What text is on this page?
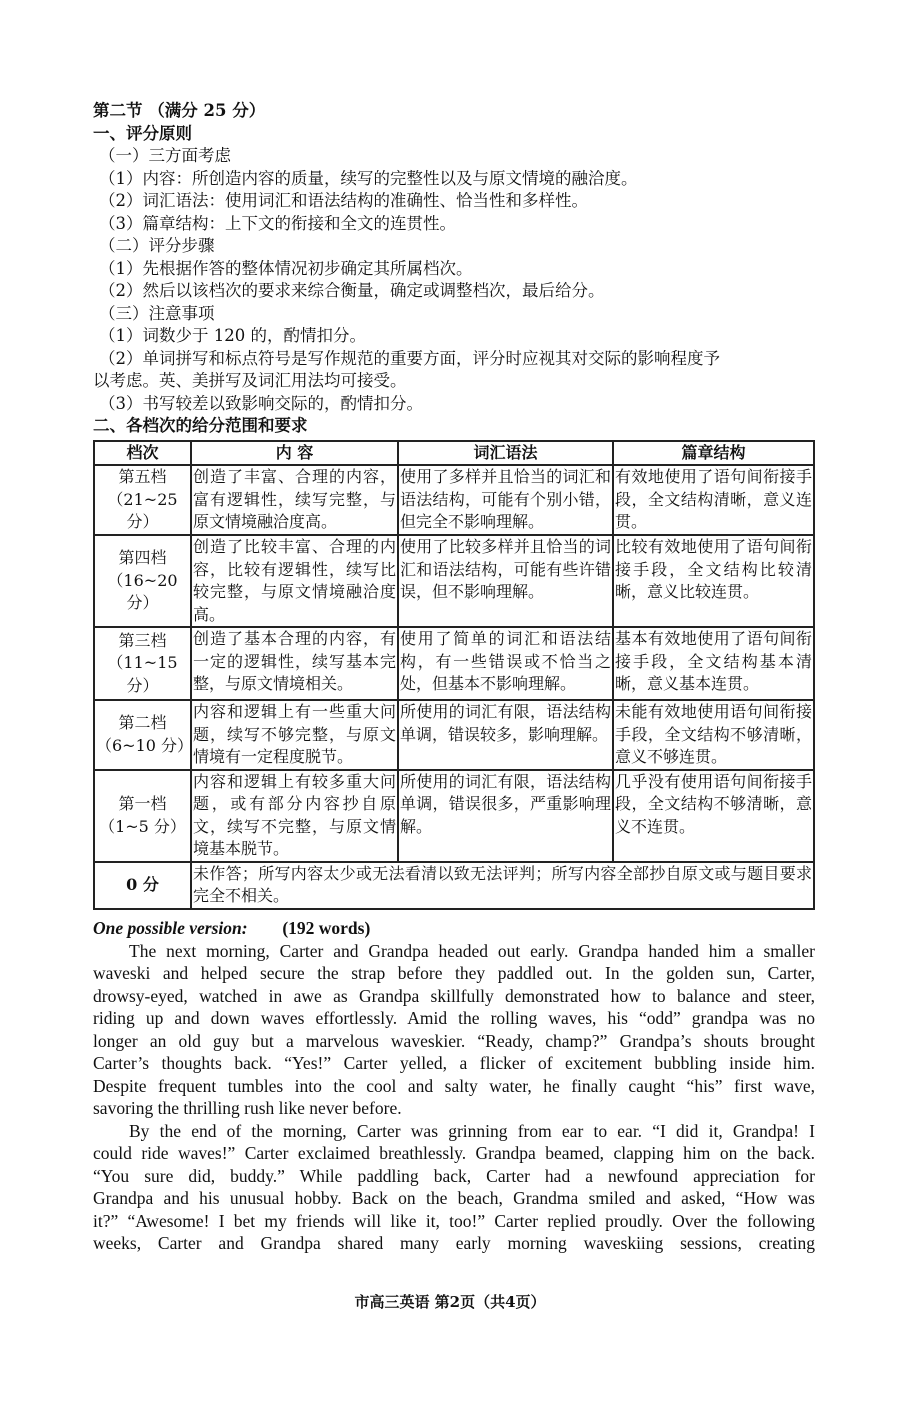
第二节 （满分 25 分）
一、评分原则
（一）三方面考虑
（1）内容：所创造内容的质量，续写的完整性以及与原文情境的融洽度。
（2）词汇语法：使用词汇和语法结构的准确性、恰当性和多样性。
（3）篇章结构：上下文的衔接和全文的连贯性。
（二）评分步骤
（1）先根据作答的整体情况初步确定其所属档次。
（2）然后以该档次的要求来综合衡量，确定或调整档次，最后给分。
（三）注意事项
（1）词数少于 120 的，酌情扣分。
（2）单词拼写和标点符号是写作规范的重要方面，评分时应视其对交际的影响程度予
以考虑。英、美拼写及词汇用法均可接受。
（3）书写较差以致影响交际的，酌情扣分。
二、各档次的给分范围和要求
档次	内 容	词汇语法	篇章结构

第五档
（21~25 分）	创造了丰富、合理的内容，富有逻辑性，续写完整，与原文情境融洽度高。	使用了多样并且恰当的词汇和语法结构，可能有个别小错，但完全不影响理解。	有效地使用了语句间衔接手段，全文结构清晰，意义连贯。

第四档
（16~20 分）	创造了比较丰富、合理的内容，比较有逻辑性，续写比较完整，与原文情境融洽度高。	使用了比较多样并且恰当的词汇和语法结构，可能有些许错误，但不影响理解。	比较有效地使用了语句间衔接手段，全文结构比较清晰，意义比较连贯。

第三档
（11~15 分）	创造了基本合理的内容，有一定的逻辑性，续写基本完整，与原文情境相关。	使用了简单的词汇和语法结构，有一些错误或不恰当之处，但基本不影响理解。	基本有效地使用了语句间衔接手段，全文结构基本清晰，意义基本连贯。

第二档
（6~10 分）	内容和逻辑上有一些重大问题，续写不够完整，与原文情境有一定程度脱节。	所使用的词汇有限，语法结构单调，错误较多，影响理解。	未能有效地使用语句间衔接手段，全文结构不够清晰，意义不够连贯。

第一档
（1~5 分）	内容和逻辑上有较多重大问题，或有部分内容抄自原文，续写不完整，与原文情境基本脱节。	所使用的词汇有限，语法结构单调，错误很多，严重影响理解。	几乎没有使用语句间衔接手段，全文结构不够清晰，意义不连贯。
0 分	未作答；所写内容太少或无法看清以致无法评判；所写内容全部抄自原文或与题目要求完全不相关。		
One possible version: (192 words)
The next morning, Carter and Grandpa headed out early. Grandpa handed him a smaller
waveski and helped secure the strap before they paddled out. In the golden sun, Carter,
drowsy-eyed, watched in awe as Grandpa skillfully demonstrated how to balance and steer,
riding up and down waves effortlessly. Amid the rolling waves, his “odd” grandpa was no
longer an old guy but a marvelous waveskier. “Ready, champ?” Grandpa’s shouts brought
Carter’s thoughts back. “Yes!” Carter yelled, a flicker of excitement bubbling inside him.
Despite frequent tumbles into the cool and salty water, he finally caught “his” first wave,
savoring the thrilling rush like never before.
By the end of the morning, Carter was grinning from ear to ear. “I did it, Grandpa! I
could ride waves!” Carter exclaimed breathlessly. Grandpa beamed, clapping him on the back.
“You sure did, buddy.” While paddling back, Carter had a newfound appreciation for
Grandpa and his unusual hobby. Back on the beach, Grandma smiled and asked, “How was
it?” “Awesome! I bet my friends will like it, too!” Carter replied proudly. Over the following
weeks, Carter and Grandpa shared many early morning waveskiing sessions, creating
市高三英语 第2页（共4页）
